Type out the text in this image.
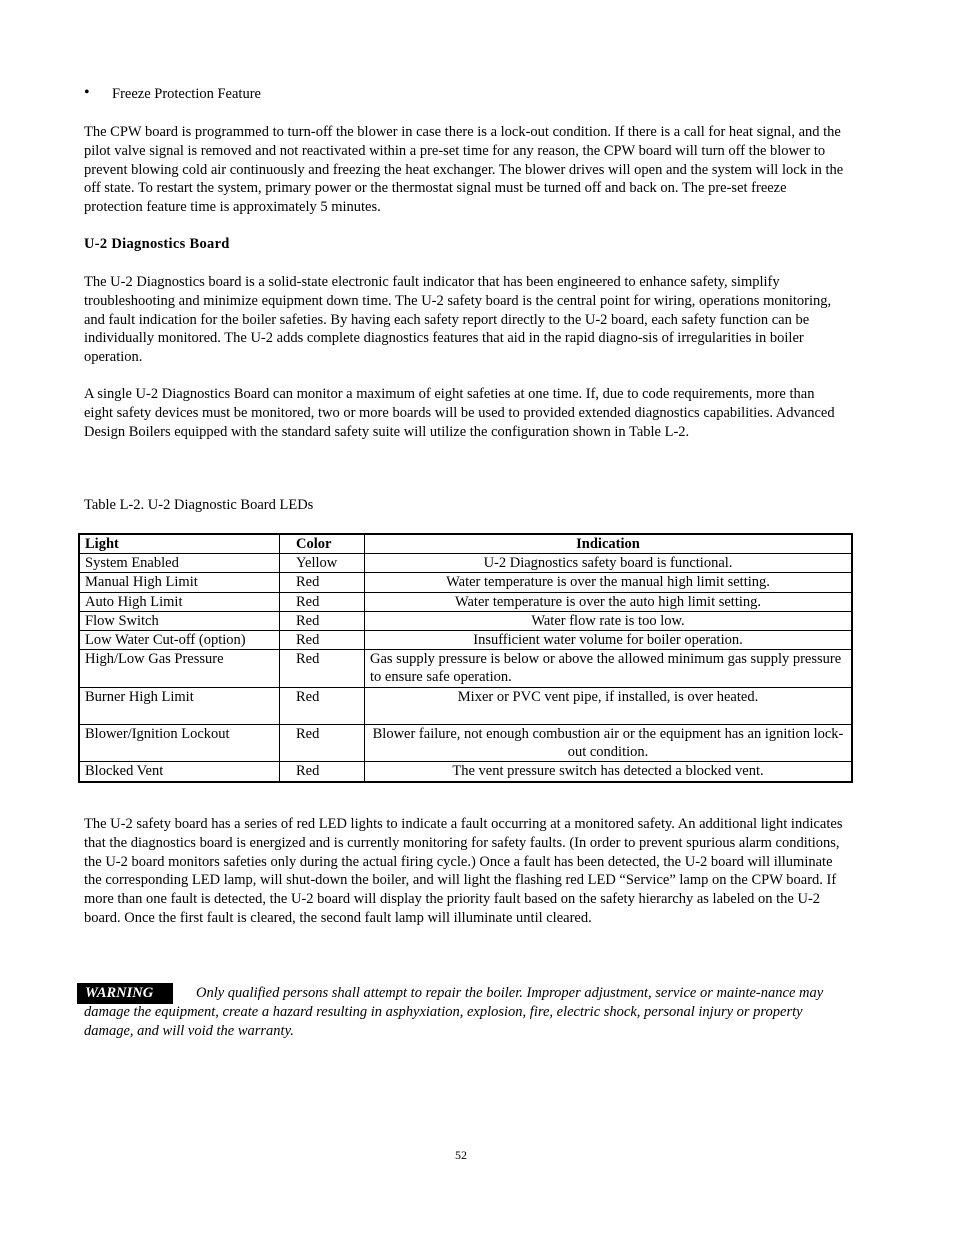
• Freeze Protection Feature

The CPW board is programmed to turn-off the blower in case there is a lock-out condition. If there is a call for heat signal, and the pilot valve signal is removed and not reactivated within a pre-set time for any reason, the CPW board will turn off the blower to prevent blowing cold air continuously and freezing the heat exchanger. The blower drives will open and the system will lock in the off state. To restart the system, primary power or the thermostat signal must be turned off and back on. The pre-set freeze protection feature time is approximately 5 minutes.

U-2 Diagnostics Board

The U-2 Diagnostics board is a solid-state electronic fault indicator that has been engineered to enhance safety, simplify troubleshooting and minimize equipment down time. The U-2 safety board is the central point for wiring, operations monitoring, and fault indication for the boiler safeties. By having each safety report directly to the U-2 board, each safety function can be individually monitored. The U-2 adds complete diagnostics features that aid in the rapid diagno-sis of irregularities in boiler operation.

A single U-2 Diagnostics Board can monitor a maximum of eight safeties at one time. If, due to code requirements, more than eight safety devices must be monitored, two or more boards will be used to provided extended diagnostics capabilities. Advanced Design Boilers equipped with the standard safety suite will utilize the configuration shown in Table L-2.

Table L-2. U-2 Diagnostic Board LEDs
Light	Color	Indication
System Enabled	Yellow	U-2 Diagnostics safety board is functional.
Manual High Limit	Red	Water temperature is over the manual high limit setting.
Auto High Limit	Red	Water temperature is over the auto high limit setting.
Flow Switch	Red	Water flow rate is too low.
Low Water Cut-off (option)	Red	Insufficient water volume for boiler operation.
High/Low Gas Pressure	Red	Gas supply pressure is below or above the allowed minimum gas supply pressure to ensure safe operation.
Burner High Limit	Red	Mixer or PVC vent pipe, if installed, is over heated.
Blower/Ignition Lockout	Red	Blower failure, not enough combustion air or the equipment has an ignition lock-out condition.
Blocked Vent	Red	The vent pressure switch has detected a blocked vent.

The U-2 safety board has a series of red LED lights to indicate a fault occurring at a monitored safety. An additional light indicates that the diagnostics board is energized and is currently monitoring for safety faults. (In order to prevent spurious alarm conditions, the U-2 board monitors safeties only during the actual firing cycle.) Once a fault has been detected, the U-2 board will illuminate the corresponding LED lamp, will shut-down the boiler, and will light the flashing red LED “Service” lamp on the CPW board. If more than one fault is detected, the U-2 board will display the priority fault based on the safety hierarchy as labeled on the U-2 board. Once the first fault is cleared, the second fault lamp will illuminate until cleared.

WARNING	Only qualified persons shall attempt to repair the boiler. Improper adjustment, service or mainte-nance may damage the equipment, create a hazard resulting in asphyxiation, explosion, fire, electric shock, personal injury or property damage, and will void the warranty.

52
